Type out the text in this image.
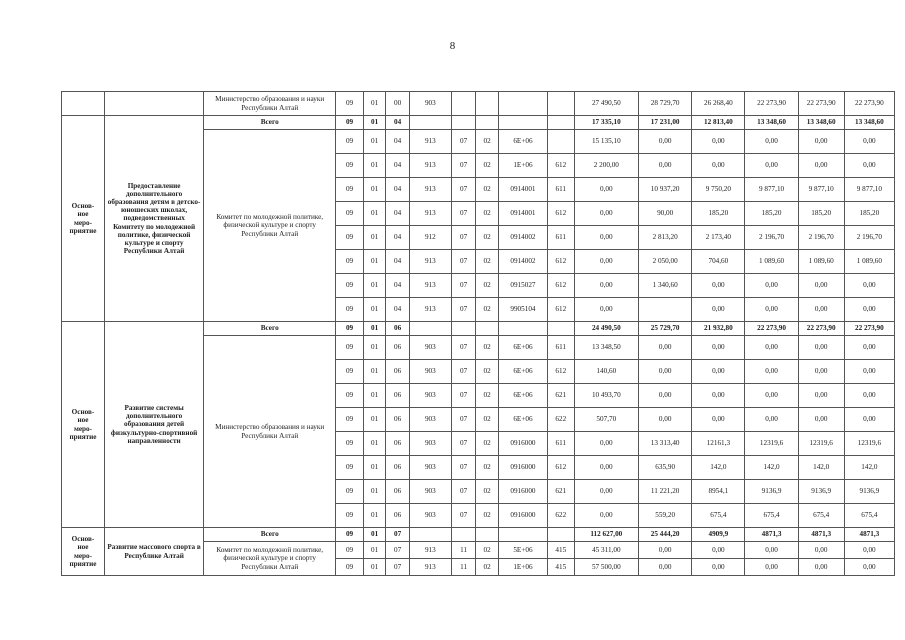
8
		Министерство образования и науки Республики Алтай	09	01	00	903					27 490,50	28 729,70	26 268,40	22 273,90	22 273,90	22 273,90
Основ-
ное
меро-
приятие	Предоставление дополнительного образования детям в детско-юношеских школах, подведомственных Комитету по молодежной политике, физической культуре и спорту Республики Алтай	Всего	09	01	04						17 335,10	17 231,00	12 813,40	13 348,60	13 348,60	13 348,60
		Комитет по молодежной политике, физической культуре и спорту Республики Алтай	09	01	04	913	07	02	6E+06		15 135,10	0,00	0,00	0,00	0,00	0,00
			09	01	04	913	07	02	1E+06	612	2 200,00	0,00	0,00	0,00	0,00	0,00
			09	01	04	913	07	02	0914001	611	0,00	10 937,20	9 750,20	9 877,10	9 877,10	9 877,10
			09	01	04	913	07	02	0914001	612	0,00	90,00	185,20	185,20	185,20	185,20
			09	01	04	912	07	02	0914002	611	0,00	2 813,20	2 173,40	2 196,70	2 196,70	2 196,70
			09	01	04	913	07	02	0914002	612	0,00	2 050,00	704,60	1 089,60	1 089,60	1 089,60
			09	01	04	913	07	02	0915027	612	0,00	1 340,60	0,00	0,00	0,00	0,00
			09	01	04	913	07	02	9905104	612	0,00		0,00	0,00	0,00	0,00
Основ-
ное
меро-
приятие	Развитие системы дополнительного образования детей физкультурно-спортивной направленности	Всего	09	01	06						24 490,50	25 729,70	21 932,80	22 273,90	22 273,90	22 273,90
		Министерство образования и науки Республики Алтай	09	01	06	903	07	02	6E+06	611	13 348,50	0,00	0,00	0,00	0,00	0,00
			09	01	06	903	07	02	6E+06	612	140,60	0,00	0,00	0,00	0,00	0,00
			09	01	06	903	07	02	6E+06	621	10 493,70	0,00	0,00	0,00	0,00	0,00
			09	01	06	903	07	02	6E+06	622	507,70	0,00	0,00	0,00	0,00	0,00
			09	01	06	903	07	02	0916000	611	0,00	13 313,40	12161,3	12319,6	12319,6	12319,6
			09	01	06	903	07	02	0916000	612	0,00	635,90	142,0	142,0	142,0	142,0
			09	01	06	903	07	02	0916000	621	0,00	11 221,20	8954,1	9136,9	9136,9	9136,9
			09	01	06	903	07	02	0916000	622	0,00	559,20	675,4	675,4	675,4	675,4
Основ-
ное
меро-
приятие	Развитие массового спорта в Республике Алтай	Всего	09	01	07						112 627,00	25 444,20	4909,9	4871,3	4871,3	4871,3
		Комитет по молодежной политике, физической культуре и спорту Республики Алтай	09	01	07	913	11	02	5E+06	415	45 311,00	0,00	0,00	0,00	0,00	0,00
			09	01	07	913	11	02	1E+06	415	57 500,00	0,00	0,00	0,00	0,00	0,00
